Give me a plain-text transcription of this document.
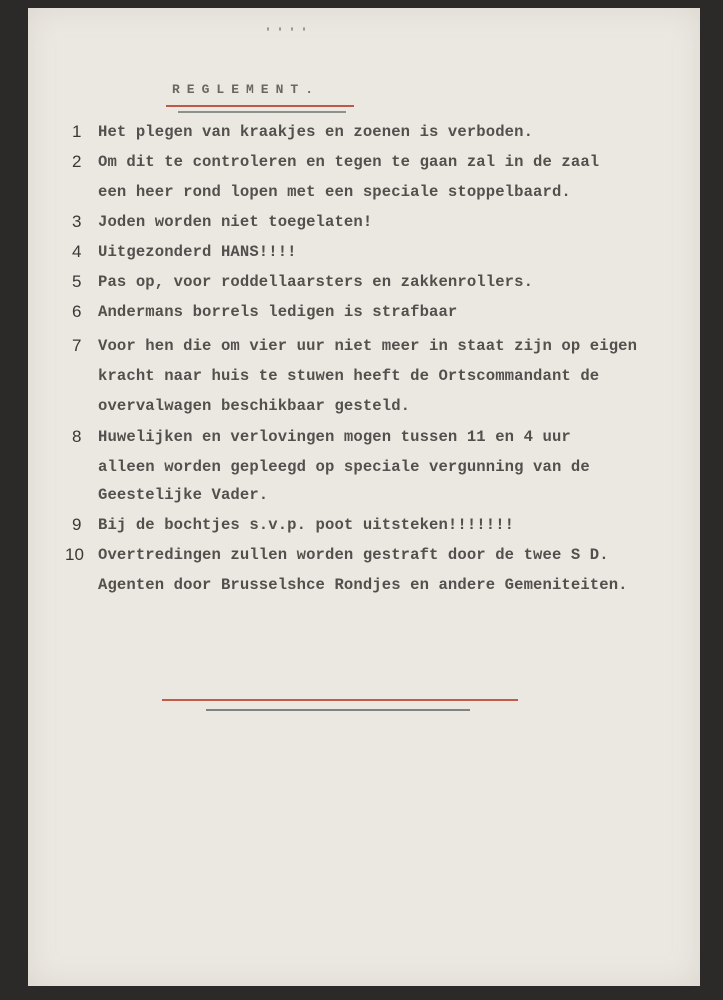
' ' ' '
REGLEMENT.
1 Het plegen van kraakjes en zoenen is verboden.
2 Om dit te controleren en tegen te gaan zal in de zaal
een heer rond lopen met een speciale stoppelbaard.
3 Joden worden niet toegelaten!
4 Uitgezonderd HANS!!!!
5 Pas op, voor roddellaarsters en zakkenrollers.
6 Andermans borrels ledigen is strafbaar
7 Voor hen die om vier uur niet meer in staat zijn op eigen
kracht naar huis te stuwen heeft de Ortscommandant de
overvalwagen beschikbaar gesteld.
8 Huwelijken en verlovingen mogen tussen 11 en 4 uur
alleen worden gepleegd op speciale vergunning van de
Geestelijke Vader.
9 Bij de bochtjes s.v.p. poot uitsteken!!!!!!!
10 Overtredingen zullen worden gestraft door de twee S D.
Agenten door Brusselshce Rondjes en andere Gemeniteiten.
